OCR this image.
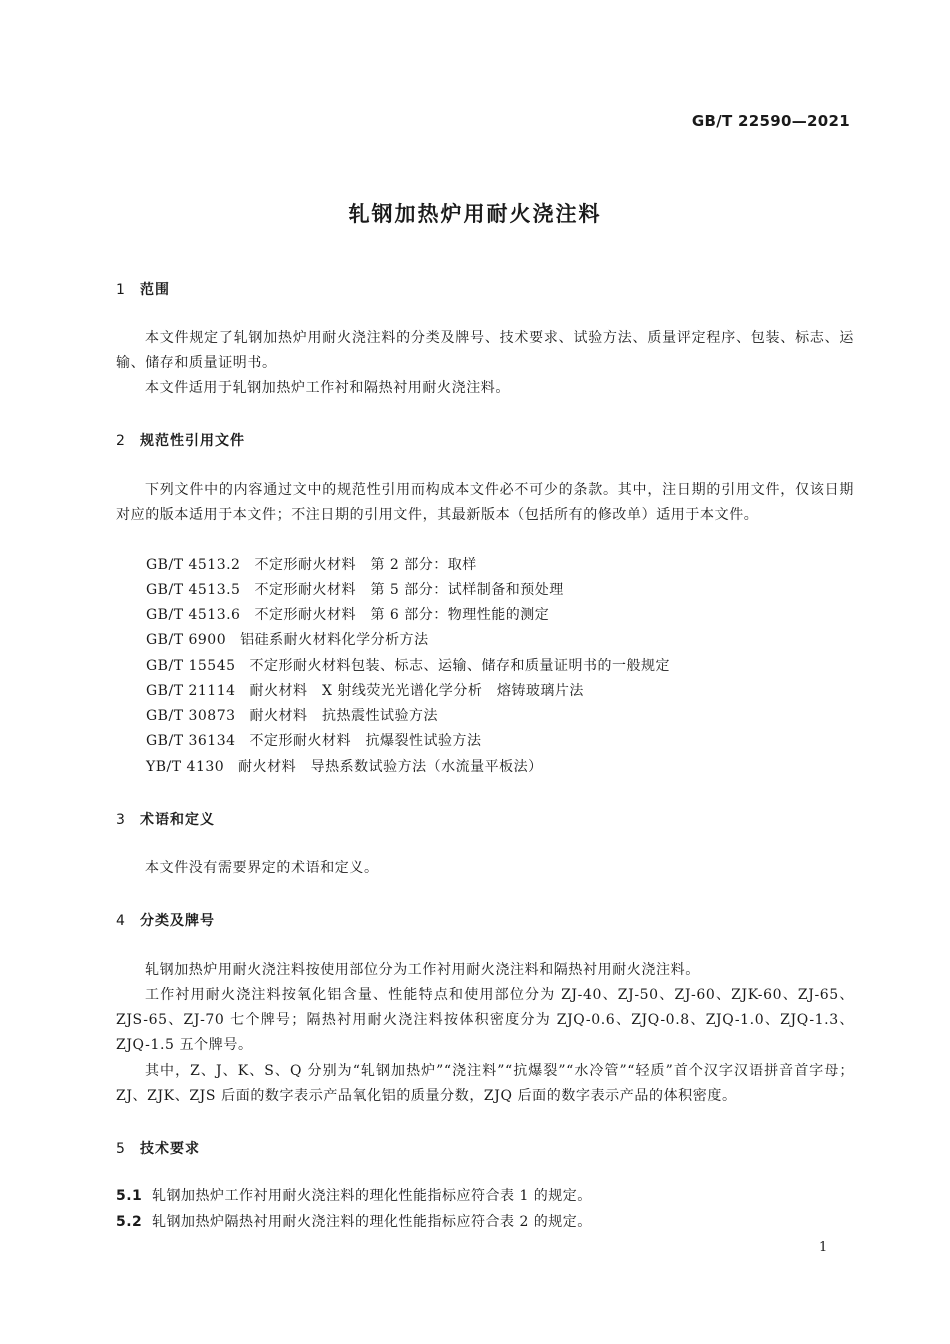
GB/T 22590—2021
轧钢加热炉用耐火浇注料
1 范围
本文件规定了轧钢加热炉用耐火浇注料的分类及牌号、技术要求、试验方法、质量评定程序、包装、标志、运输、储存和质量证明书。
本文件适用于轧钢加热炉工作衬和隔热衬用耐火浇注料。
2 规范性引用文件
下列文件中的内容通过文中的规范性引用而构成本文件必不可少的条款。其中，注日期的引用文件，仅该日期对应的版本适用于本文件；不注日期的引用文件，其最新版本（包括所有的修改单）适用于本文件。
GB/T 4513.2 不定形耐火材料　第 2 部分：取样
GB/T 4513.5 不定形耐火材料　第 5 部分：试样制备和预处理
GB/T 4513.6 不定形耐火材料　第 6 部分：物理性能的测定
GB/T 6900 铝硅系耐火材料化学分析方法
GB/T 15545 不定形耐火材料包装、标志、运输、储存和质量证明书的一般规定
GB/T 21114 耐火材料　X 射线荧光光谱化学分析　熔铸玻璃片法
GB/T 30873 耐火材料　抗热震性试验方法
GB/T 36134 不定形耐火材料　抗爆裂性试验方法
YB/T 4130 耐火材料　导热系数试验方法（水流量平板法）
3 术语和定义
本文件没有需要界定的术语和定义。
4 分类及牌号
轧钢加热炉用耐火浇注料按使用部位分为工作衬用耐火浇注料和隔热衬用耐火浇注料。
工作衬用耐火浇注料按氧化铝含量、性能特点和使用部位分为 ZJ-40、ZJ-50、ZJ-60、ZJK-60、ZJ-65、ZJS-65、ZJ-70 七个牌号；隔热衬用耐火浇注料按体积密度分为 ZJQ-0.6、ZJQ-0.8、ZJQ-1.0、ZJQ-1.3、ZJQ-1.5 五个牌号。
其中，Z、J、K、S、Q 分别为“轧钢加热炉”“浇注料”“抗爆裂”“水冷管”“轻质”首个汉字汉语拼音首字母；ZJ、ZJK、ZJS 后面的数字表示产品氧化铝的质量分数，ZJQ 后面的数字表示产品的体积密度。
5 技术要求
5.1 轧钢加热炉工作衬用耐火浇注料的理化性能指标应符合表 1 的规定。
5.2 轧钢加热炉隔热衬用耐火浇注料的理化性能指标应符合表 2 的规定。
1
